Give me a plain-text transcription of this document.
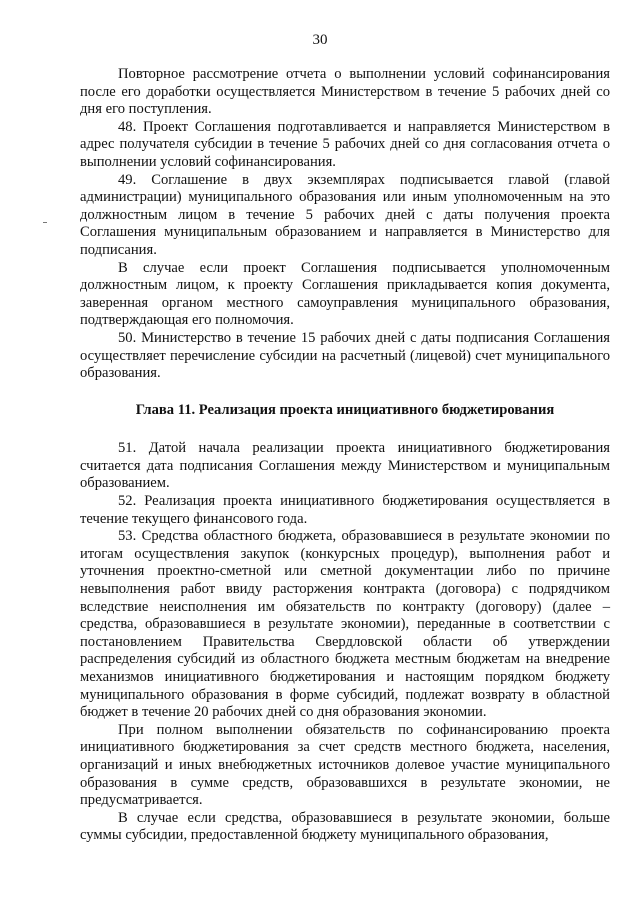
30

Повторное рассмотрение отчета о выполнении условий софинансирования после его доработки осуществляется Министерством в течение 5 рабочих дней со дня его поступления.

48. Проект Соглашения подготавливается и направляется Министерством в адрес получателя субсидии в течение 5 рабочих дней со дня согласования отчета о выполнении условий софинансирования.

49. Соглашение в двух экземплярах подписывается главой (главой администрации) муниципального образования или иным уполномоченным на это должностным лицом в течение 5 рабочих дней с даты получения проекта Соглашения муниципальным образованием и направляется в Министерство для подписания.

В случае если проект Соглашения подписывается уполномоченным должностным лицом, к проекту Соглашения прикладывается копия документа, заверенная органом местного самоуправления муниципального образования, подтверждающая его полномочия.

50. Министерство в течение 15 рабочих дней с даты подписания Соглашения осуществляет перечисление субсидии на расчетный (лицевой) счет муниципального образования.

Глава 11. Реализация проекта инициативного бюджетирования

51. Датой начала реализации проекта инициативного бюджетирования считается дата подписания Соглашения между Министерством и муниципальным образованием.

52. Реализация проекта инициативного бюджетирования осуществляется в течение текущего финансового года.

53. Средства областного бюджета, образовавшиеся в результате экономии по итогам осуществления закупок (конкурсных процедур), выполнения работ и уточнения проектно-сметной или сметной документации либо по причине невыполнения работ ввиду расторжения контракта (договора) с подрядчиком вследствие неисполнения им обязательств по контракту (договору) (далее – средства, образовавшиеся в результате экономии), переданные в соответствии с постановлением Правительства Свердловской области об утверждении распределения субсидий из областного бюджета местным бюджетам на внедрение механизмов инициативного бюджетирования и настоящим порядком бюджету муниципального образования в форме субсидий, подлежат возврату в областной бюджет в течение 20 рабочих дней со дня образования экономии.

При полном выполнении обязательств по софинансированию проекта инициативного бюджетирования за счет средств местного бюджета, населения, организаций и иных внебюджетных источников долевое участие муниципального образования в сумме средств, образовавшихся в результате экономии, не предусматривается.

В случае если средства, образовавшиеся в результате экономии, больше суммы субсидии, предоставленной бюджету муниципального образования,
